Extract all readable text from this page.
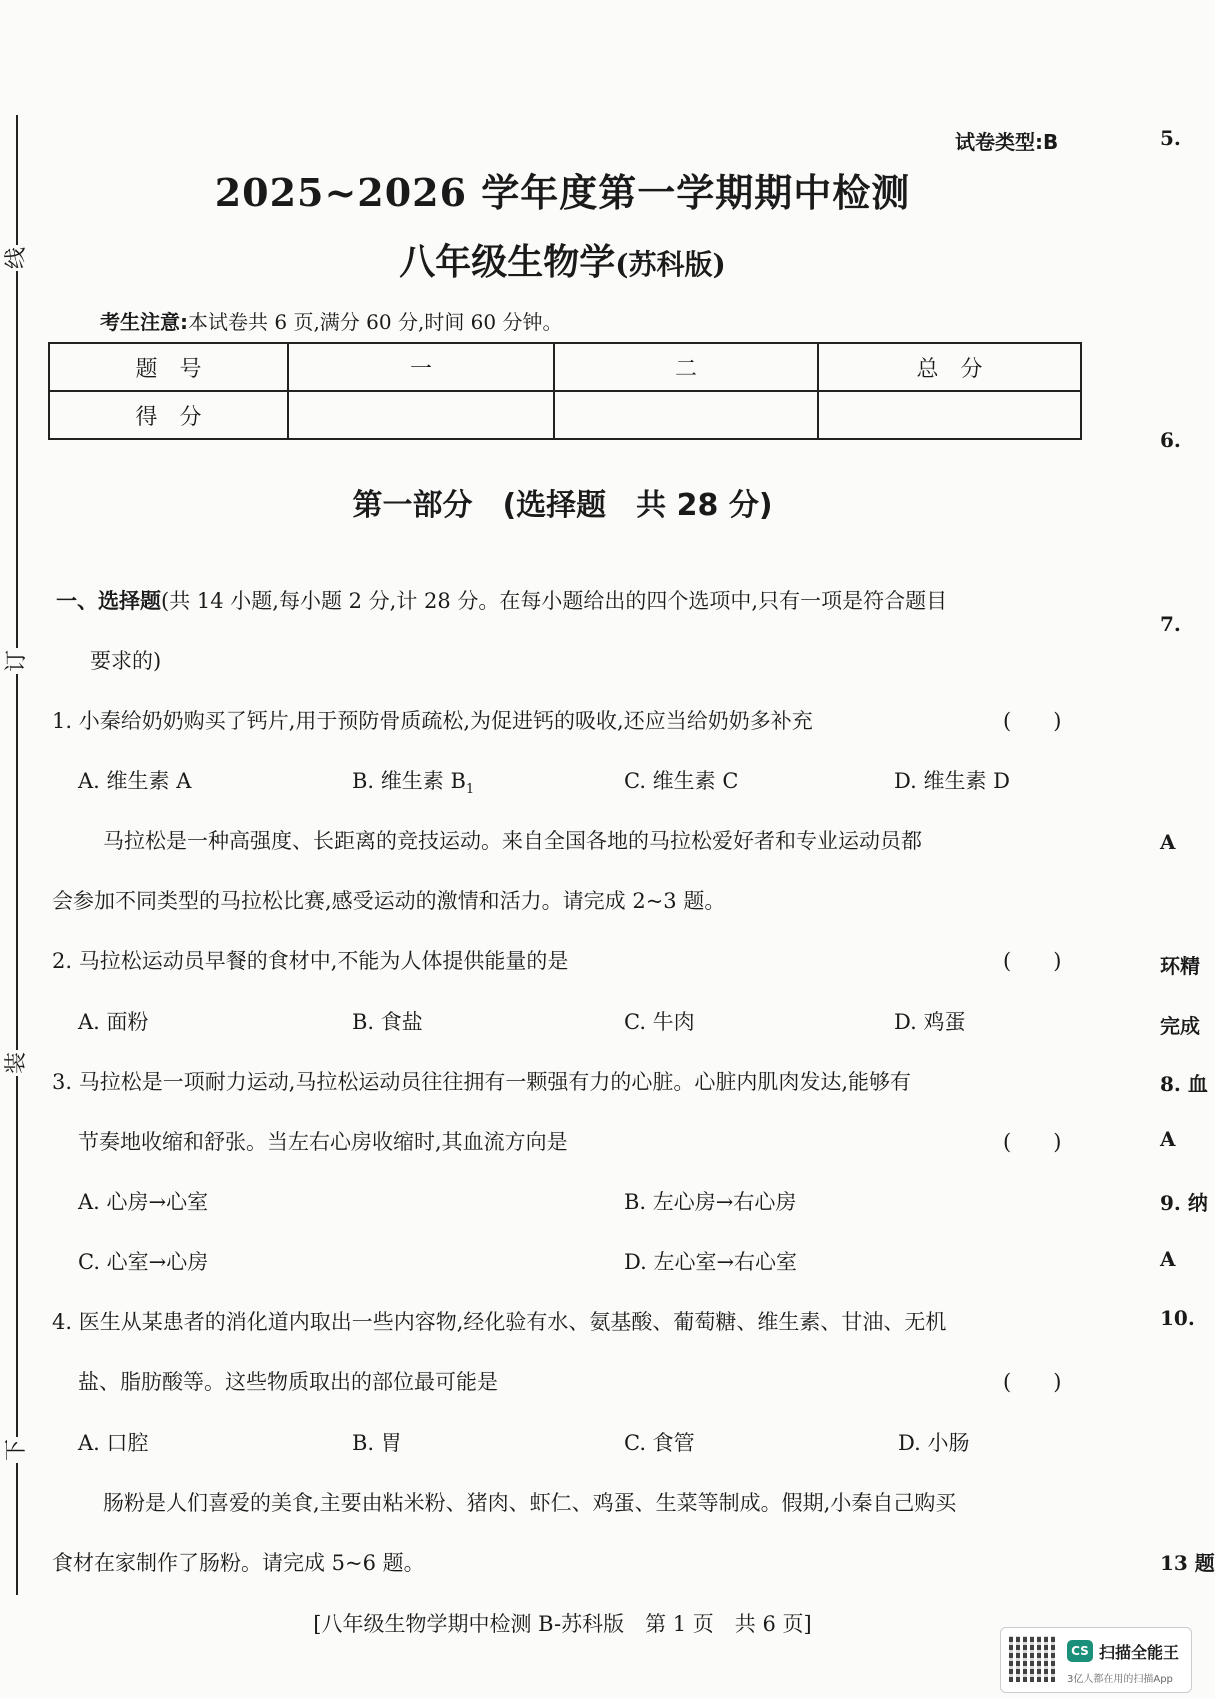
线
订
装
下
试卷类型:B
2025~2026 学年度第一学期期中检测
八年级生物学(苏科版)
考生注意:本试卷共 6 页,满分 60 分,时间 60 分钟。
题　号	一	二	总　分
得　分			
第一部分　(选择题　共 28 分)
一、选择题(共 14 小题,每小题 2 分,计 28 分。在每小题给出的四个选项中,只有一项是符合题目
要求的)
1. 小秦给奶奶购买了钙片,用于预防骨质疏松,为促进钙的吸收,还应当给奶奶多补充	(　　)
A. 维生素 A	B. 维生素 $B_1$	C. 维生素 C	D. 维生素 D
马拉松是一种高强度、长距离的竞技运动。来自全国各地的马拉松爱好者和专业运动员都
会参加不同类型的马拉松比赛,感受运动的激情和活力。请完成 2~3 题。
2. 马拉松运动员早餐的食材中,不能为人体提供能量的是	(　　)
A. 面粉	B. 食盐	C. 牛肉	D. 鸡蛋
3. 马拉松是一项耐力运动,马拉松运动员往往拥有一颗强有力的心脏。心脏内肌肉发达,能够有
节奏地收缩和舒张。当左右心房收缩时,其血流方向是	(　　)
A. 心房→心室	B. 左心房→右心房
C. 心室→心房	D. 左心室→右心室
4. 医生从某患者的消化道内取出一些内容物,经化验有水、氨基酸、葡萄糖、维生素、甘油、无机
盐、脂肪酸等。这些物质取出的部位最可能是	(　　)
A. 口腔	B. 胃	C. 食管	D. 小肠
肠粉是人们喜爱的美食,主要由粘米粉、猪肉、虾仁、鸡蛋、生菜等制成。假期,小秦自己购买
食材在家制作了肠粉。请完成 5~6 题。
[八年级生物学期中检测 B-苏科版　第 1 页　共 6 页]
5.
6.
7.
A
环精
完成
8. 血
A
9. 纳
A
10.
13 题
CS 扫描全能王
3亿人都在用的扫描App
